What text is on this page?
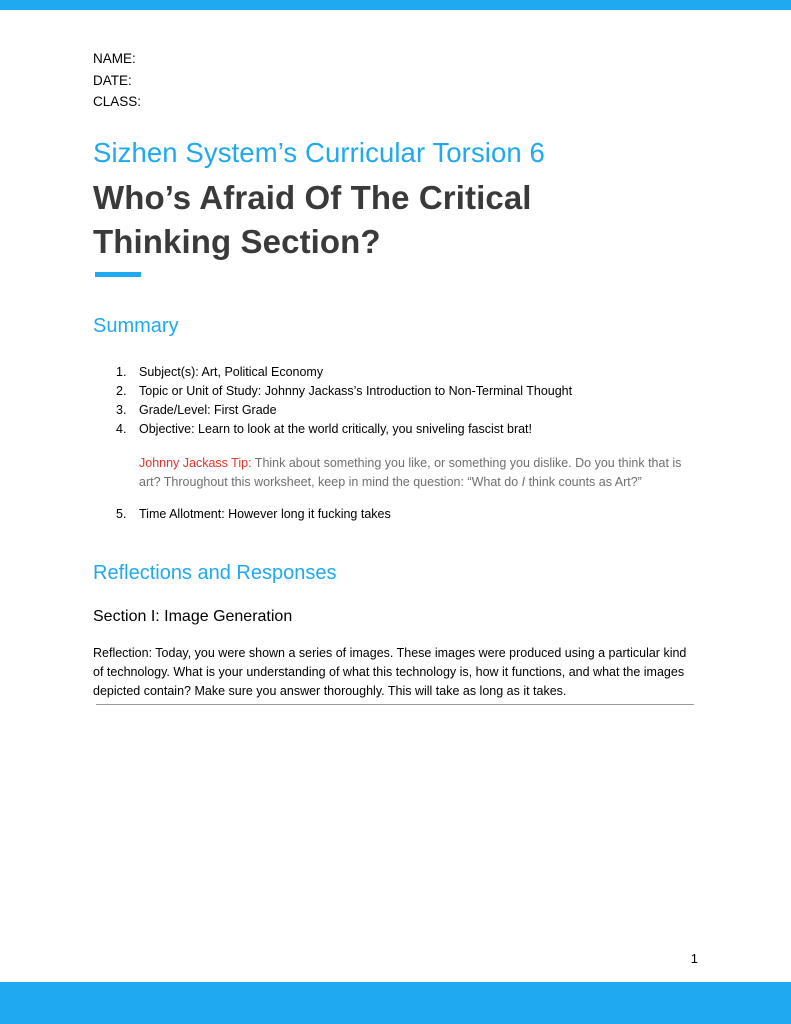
NAME:
DATE:
CLASS:
Sizhen System’s Curricular Torsion 6
Who’s Afraid Of The Critical
Thinking Section?
Summary
1. Subject(s): Art, Political Economy
2. Topic or Unit of Study: Johnny Jackass’s Introduction to Non-Terminal Thought
3. Grade/Level: First Grade
4. Objective: Learn to look at the world critically, you sniveling fascist brat!
Johnny Jackass Tip: Think about something you like, or something you dislike. Do you think that is art? Throughout this worksheet, keep in mind the question: “What do I think counts as Art?”
5. Time Allotment: However long it fucking takes
Reflections and Responses
Section I: Image Generation
Reflection: Today, you were shown a series of images. These images were produced using a particular kind of technology. What is your understanding of what this technology is, how it functions, and what the images depicted contain? Make sure you answer thoroughly. This will take as long as it takes.
1
